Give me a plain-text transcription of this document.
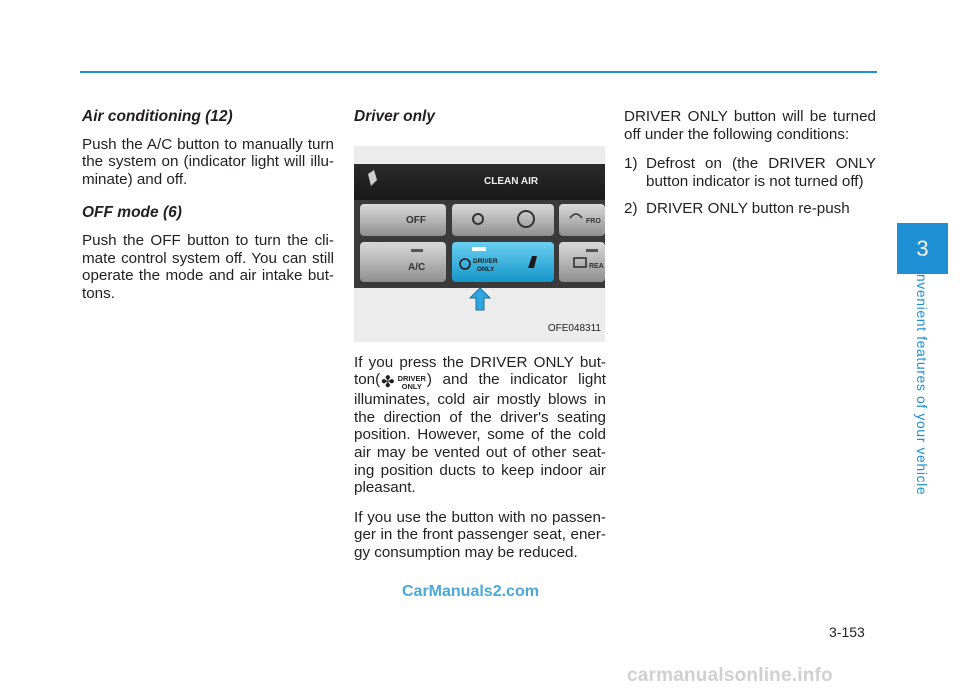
Air conditioning (12)
Push the A/C button to manually turn the system on (indicator light will illu-minate) and off.
OFF mode (6)
Push the OFF button to turn the cli-mate control system off. You can still operate the mode and air intake but-tons.
Driver only
CLEAN AIR
OFF
A/C
DRIVER
ONLY
FRO
REA
OFE048311
If you press the DRIVER ONLY but-ton( ✤ DRIVER
ONLY ) and the indicator light illuminates, cold air mostly blows in the direction of the driver's seating position. However, some of the cold air may be vented out of other seat-ing position ducts to keep indoor air pleasant.
If you use the button with no passen-ger in the front passenger seat, ener-gy consumption may be reduced.
DRIVER ONLY button will be turned off under the following conditions:
1) Defrost on (the DRIVER ONLY button indicator is not turned off)
2) DRIVER ONLY button re-push
3
Convenient features of your vehicle
3-153
CarManuals2.com
carmanualsonline.info
